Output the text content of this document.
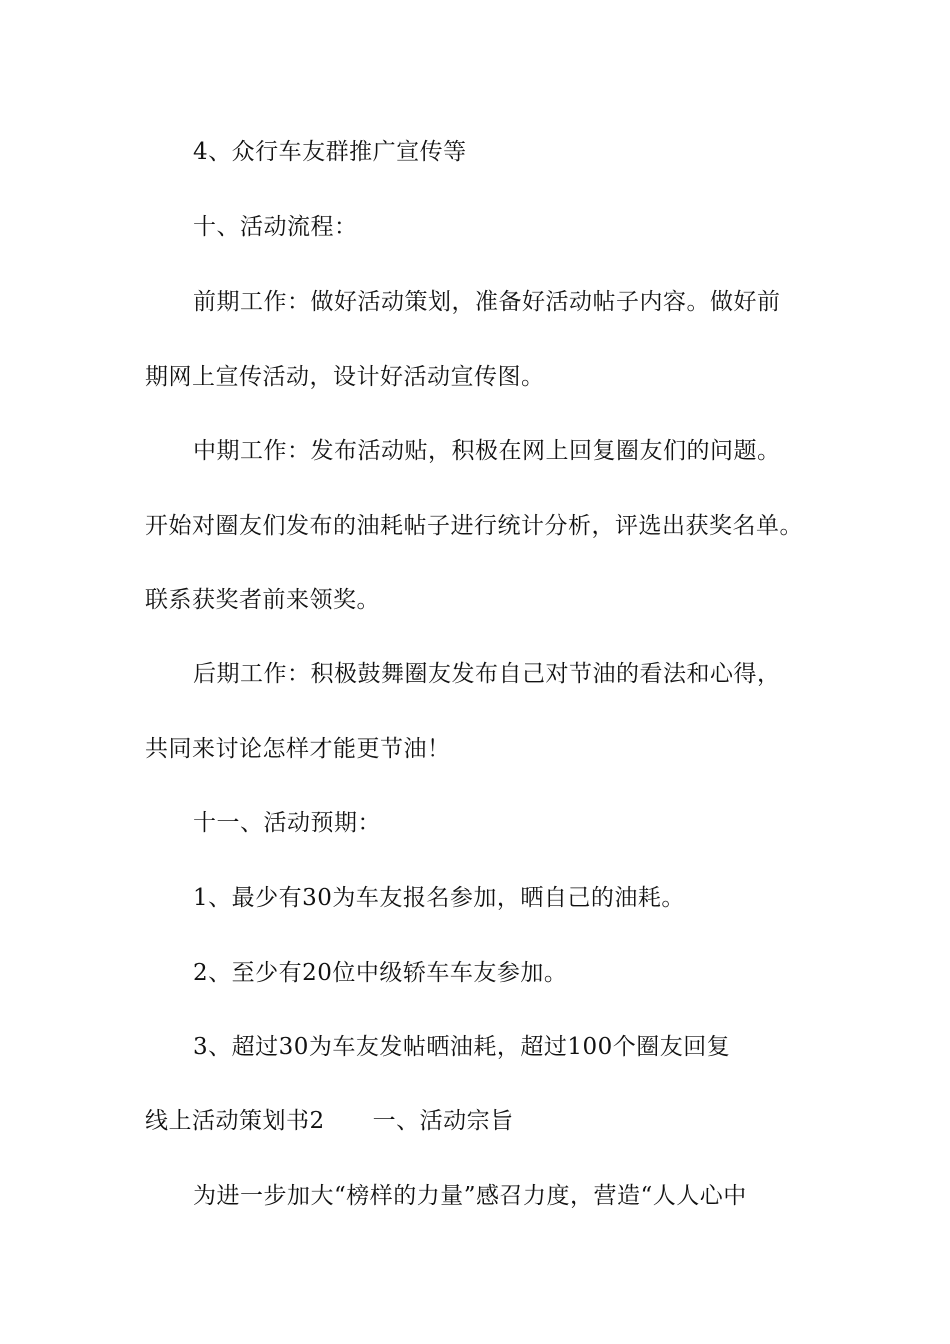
4、众行车友群推广宣传等
十、活动流程：
前期工作：做好活动策划，准备好活动帖子内容。做好前
期网上宣传活动，设计好活动宣传图。
中期工作：发布活动贴，积极在网上回复圈友们的问题。
开始对圈友们发布的油耗帖子进行统计分析，评选出获奖名单。
联系获奖者前来领奖。
后期工作：积极鼓舞圈友发布自己对节油的看法和心得，
共同来讨论怎样才能更节油！
十一、活动预期：
1、最少有30为车友报名参加，晒自己的油耗。
2、至少有20位中级轿车车友参加。
3、超过30为车友发帖晒油耗，超过100个圈友回复
线上活动策划书2 一、活动宗旨
为进一步加大“榜样的力量”感召力度，营造“人人心中
